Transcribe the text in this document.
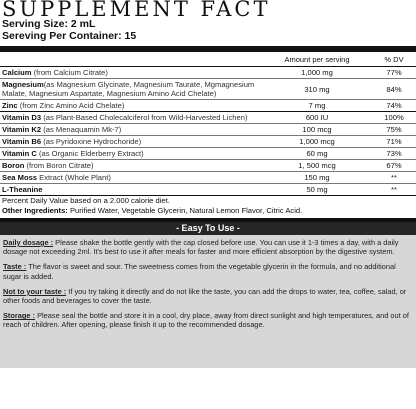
SUPPLEMENT FACT
Serving Size: 2 mL
Sereving Per Container: 15
Amount per serving	% DV
Calcium (from Calcium Citrate)	1,000 mg	77%
Magnesium(as Magnesium Glycinate, Magnesium Taurate, Mgmagnesium Malate, Magnesium Aspartate, Magnesium Amino Acid Chelate)	310 mg	84%
Zinc (from Zinc Amino Acid Chelate)	7 mg	74%
Vitamin D3 (as Plant-Based Cholecalciferol from Wild-Harvested Lichen)	600 IU	100%
Vitamin K2 (as Menaquamin Mk-7)	100 mcg	75%
Vitamin B6 (as Pyridoxine Hydrochoride)	1,000 mcg	71%
Vitamin C (as Organic Elderberry Extract)	60 mg	73%
Boron (from Boron Citrate)	1, 500 mcg	67%
Sea Moss Extract (Whole Plant)	150 mg	**
L-Theanine	50 mg	**
Percent Daily Value based on a 2.000 calorie diet.
Other Ingredients: Purified Water, Vegetable Glycerin, Natural Lemon Flavor, Citric Acid.
- Easy To Use -

Daily dosage : Please shake the bottle gently with the cap closed before use. You can use it 1-3 times a day, with a daily dosage not exceeding 2ml. It's best to use it after meals for faster and more efficient absorption by the digestive system.

Taste : The flavor is sweet and sour. The sweetness comes from the vegetable glycerin in the formula, and no additional sugar is added.

Not to your taste : If you try taking it directly and do not like the taste, you can add the drops to water, tea, coffee, salad, or other foods and beverages to cover the taste.

Storage : Please seal the bottle and store it in a cool, dry place, away from direct sunlight and high temperatures, and out of reach of children. After opening, please finish it up to the recommended dosage.
